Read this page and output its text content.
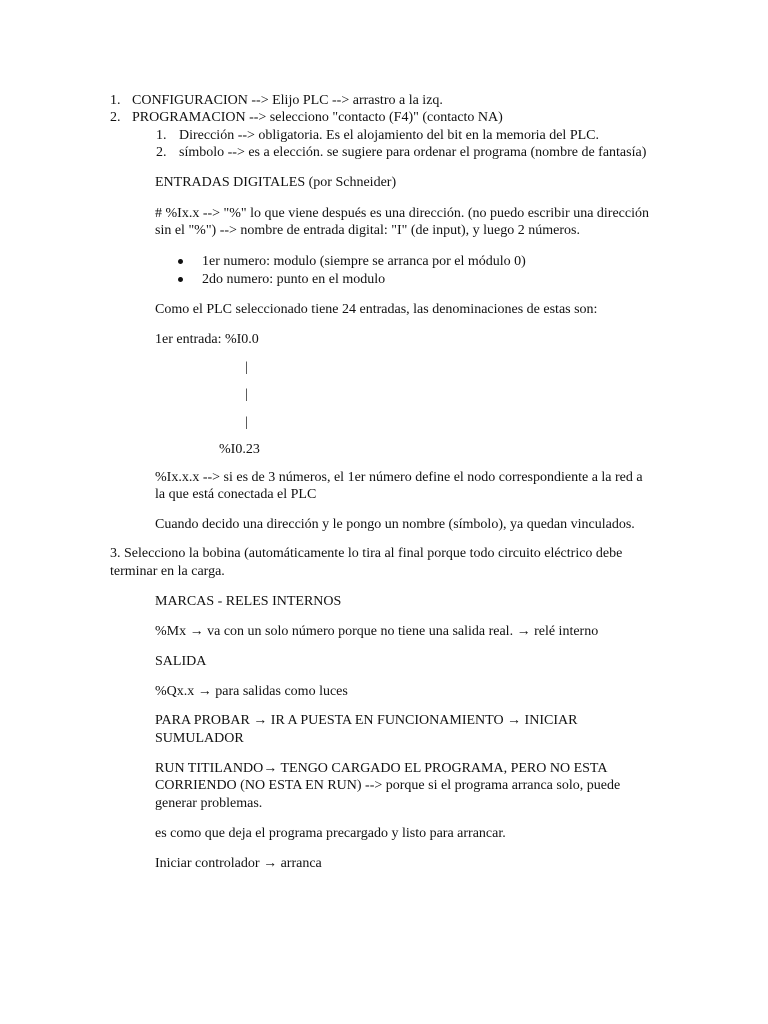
1. CONFIGURACION --> Elijo PLC --> arrastro a la izq.
2. PROGRAMACION --> selecciono "contacto (F4)" (contacto NA)
1. Dirección --> obligatoria. Es el alojamiento del bit en la memoria del PLC.
2. símbolo --> es a elección. se sugiere para ordenar el programa (nombre de fantasía)
ENTRADAS DIGITALES (por Schneider)
# %Ix.x --> "%" lo que viene después es una dirección. (no puedo escribir una dirección
sin el "%") --> nombre de entrada digital: "I" (de input), y luego 2 números.
1er numero: modulo (siempre se arranca por el módulo 0)
2do numero: punto en el modulo
Como el PLC seleccionado tiene 24 entradas, las denominaciones de estas son:
1er entrada: %I0.0
|
|
|
%I0.23
%Ix.x.x --> si es de 3 números, el 1er número define el nodo correspondiente a la red a
la que está conectada el PLC
Cuando decido una dirección y le pongo un nombre (símbolo), ya quedan vinculados.
3. Selecciono la bobina (automáticamente lo tira al final porque todo circuito eléctrico debe
terminar en la carga.
MARCAS - RELES INTERNOS
%Mx → va con un solo número porque no tiene una salida real. → relé interno
SALIDA
%Qx.x → para salidas como luces
PARA PROBAR → IR A PUESTA EN FUNCIONAMIENTO → INICIAR
SUMULADOR
RUN TITILANDO→ TENGO CARGADO EL PROGRAMA, PERO NO ESTA
CORRIENDO (NO ESTA EN RUN) --> porque si el programa arranca solo, puede
generar problemas.
es como que deja el programa precargado y listo para arrancar.
Iniciar controlador → arranca
